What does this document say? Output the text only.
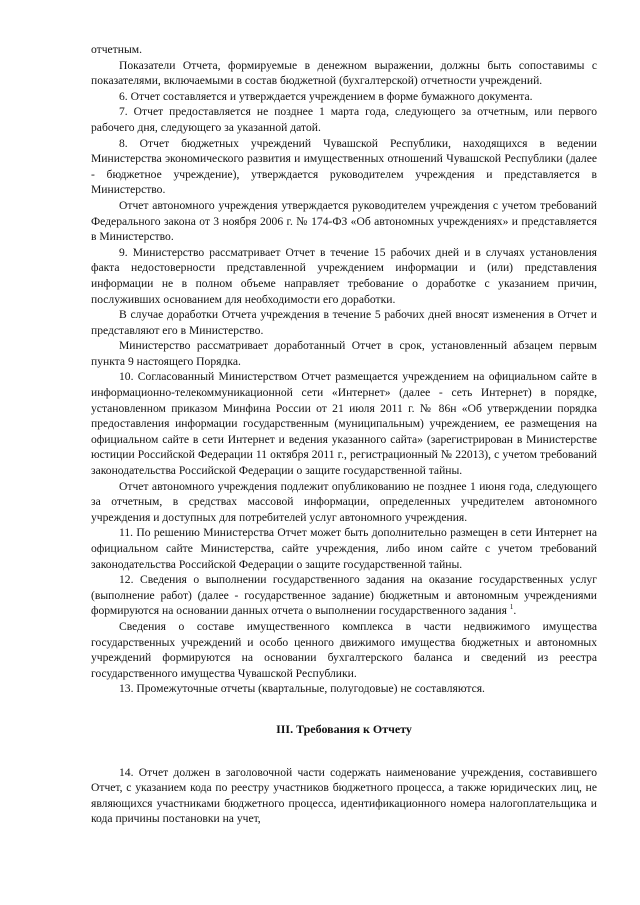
отчетным.

Показатели Отчета, формируемые в денежном выражении, должны быть сопоставимы с показателями, включаемыми в состав бюджетной (бухгалтерской) отчетности учреждений.

6. Отчет составляется и утверждается учреждением в форме бумажного документа.

7. Отчет предоставляется не позднее 1 марта года, следующего за отчетным, или первого рабочего дня, следующего за указанной датой.

8. Отчет бюджетных учреждений Чувашской Республики, находящихся в ведении Министерства экономического развития и имущественных отношений Чувашской Республики (далее - бюджетное учреждение), утверждается руководителем учреждения и представляется в Министерство.

Отчет автономного учреждения утверждается руководителем учреждения с учетом требований Федерального закона от 3 ноября 2006 г. № 174-ФЗ «Об автономных учреждениях» и представляется в Министерство.

9. Министерство рассматривает Отчет в течение 15 рабочих дней и в случаях установления факта недостоверности представленной учреждением информации и (или) представления информации не в полном объеме направляет требование о доработке с указанием причин, послуживших основанием для необходимости его доработки.

В случае доработки Отчета учреждения в течение 5 рабочих дней вносят изменения в Отчет и представляют его в Министерство.

Министерство рассматривает доработанный Отчет в срок, установленный абзацем первым пункта 9 настоящего Порядка.

10. Согласованный Министерством Отчет размещается учреждением на официальном сайте в информационно-телекоммуникационной сети «Интернет» (далее - сеть Интернет) в порядке, установленном приказом Минфина России от 21 июля 2011 г. № 86н «Об утверждении порядка предоставления информации государственным (муниципальным) учреждением, ее размещения на официальном сайте в сети Интернет и ведения указанного сайта» (зарегистрирован в Министерстве юстиции Российской Федерации 11 октября 2011 г., регистрационный № 22013), с учетом требований законодательства Российской Федерации о защите государственной тайны.

Отчет автономного учреждения подлежит опубликованию не позднее 1 июня года, следующего за отчетным, в средствах массовой информации, определенных учредителем автономного учреждения и доступных для потребителей услуг автономного учреждения.

11. По решению Министерства Отчет может быть дополнительно размещен в сети Интернет на официальном сайте Министерства, сайте учреждения, либо ином сайте с учетом требований законодательства Российской Федерации о защите государственной тайны.

12. Сведения о выполнении государственного задания на оказание государственных услуг (выполнение работ) (далее - государственное задание) бюджетным и автономным учреждениями формируются на основании данных отчета о выполнении государственного задания $^1$.

Сведения о составе имущественного комплекса в части недвижимого имущества государственных учреждений и особо ценного движимого имущества бюджетных и автономных учреждений формируются на основании бухгалтерского баланса и сведений из реестра государственного имущества Чувашской Республики.

13. Промежуточные отчеты (квартальные, полугодовые) не составляются.

III. Требования к Отчету

14. Отчет должен в заголовочной части содержать наименование учреждения, составившего Отчет, с указанием кода по реестру участников бюджетного процесса, а также юридических лиц, не являющихся участниками бюджетного процесса, идентификационного номера налогоплательщика и кода причины постановки на учет,
